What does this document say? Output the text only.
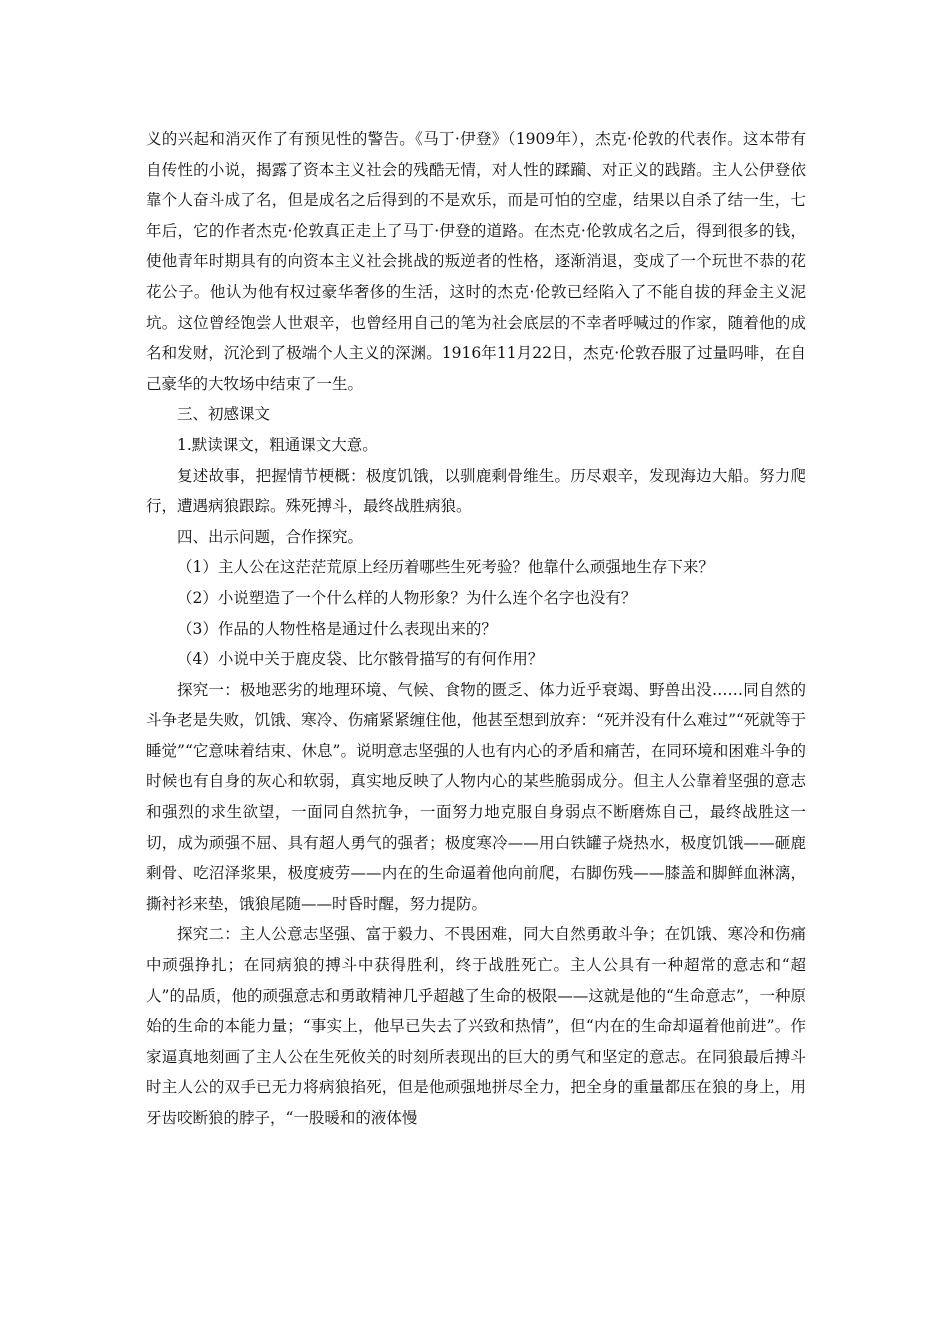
义的兴起和消灭作了有预见性的警告。《马丁·伊登》（1909年），杰克·伦敦的代表作。这本带有自传性的小说，揭露了资本主义社会的残酷无情，对人性的蹂躏、对正义的践踏。主人公伊登依靠个人奋斗成了名，但是成名之后得到的不是欢乐，而是可怕的空虚，结果以自杀了结一生，七年后，它的作者杰克·伦敦真正走上了马丁·伊登的道路。在杰克·伦敦成名之后，得到很多的钱，使他青年时期具有的向资本主义社会挑战的叛逆者的性格，逐渐消退，变成了一个玩世不恭的花花公子。他认为他有权过豪华奢侈的生活，这时的杰克·伦敦已经陷入了不能自拔的拜金主义泥坑。这位曾经饱尝人世艰辛，也曾经用自己的笔为社会底层的不幸者呼喊过的作家，随着他的成名和发财，沉沦到了极端个人主义的深渊。1916年11月22日，杰克·伦敦吞服了过量吗啡，在自己豪华的大牧场中结束了一生。

三、初感课文

1.默读课文，粗通课文大意。

复述故事，把握情节梗概：极度饥饿，以驯鹿剩骨维生。历尽艰辛，发现海边大船。努力爬行，遭遇病狼跟踪。殊死搏斗，最终战胜病狼。

四、出示问题，合作探究。

（1）主人公在这茫茫荒原上经历着哪些生死考验？他靠什么顽强地生存下来？

（2）小说塑造了一个什么样的人物形象？为什么连个名字也没有？

（3）作品的人物性格是通过什么表现出来的？

（4）小说中关于鹿皮袋、比尔骸骨描写的有何作用？

探究一：极地恶劣的地理环境、气候、食物的匮乏、体力近乎衰竭、野兽出没……同自然的斗争老是失败，饥饿、寒冷、伤痛紧紧缠住他，他甚至想到放弃：“死并没有什么难过”“死就等于睡觉”“它意味着结束、休息”。说明意志坚强的人也有内心的矛盾和痛苦，在同环境和困难斗争的时候也有自身的灰心和软弱，真实地反映了人物内心的某些脆弱成分。但主人公靠着坚强的意志和强烈的求生欲望，一面同自然抗争，一面努力地克服自身弱点不断磨炼自己，最终战胜这一切，成为顽强不屈、具有超人勇气的强者；极度寒冷——用白铁罐子烧热水，极度饥饿——砸鹿剩骨、吃沼泽浆果，极度疲劳——内在的生命逼着他向前爬，右脚伤残——膝盖和脚鲜血淋漓，撕衬衫来垫，饿狼尾随——时昏时醒，努力提防。

探究二：主人公意志坚强、富于毅力、不畏困难，同大自然勇敢斗争；在饥饿、寒冷和伤痛中顽强挣扎；在同病狼的搏斗中获得胜利，终于战胜死亡。主人公具有一种超常的意志和“超人”的品质，他的顽强意志和勇敢精神几乎超越了生命的极限——这就是他的“生命意志”，一种原始的生命的本能力量；“事实上，他早已失去了兴致和热情”，但“内在的生命却逼着他前进”。作家逼真地刻画了主人公在生死攸关的时刻所表现出的巨大的勇气和坚定的意志。在同狼最后搏斗时主人公的双手已无力将病狼掐死，但是他顽强地拼尽全力，把全身的重量都压在狼的身上，用牙齿咬断狼的脖子，“一股暖和的液体慢
